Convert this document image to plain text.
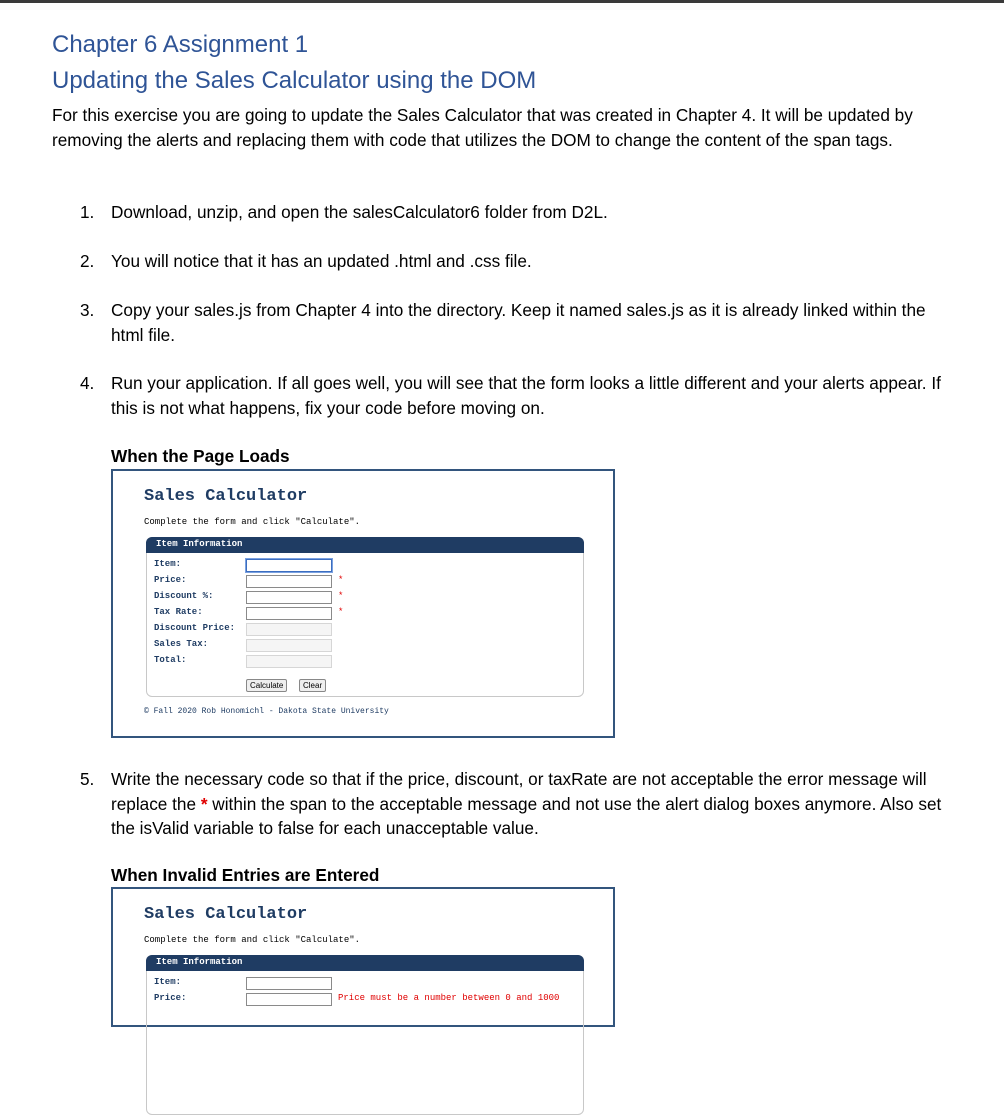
Chapter 6 Assignment 1
Updating the Sales Calculator using the DOM

For this exercise you are going to update the Sales Calculator that was created in Chapter 4. It will be updated by removing the alerts and replacing them with code that utilizes the DOM to change the content of the span tags.

1. Download, unzip, and open the salesCalculator6 folder from D2L.
2. You will notice that it has an updated .html and .css file.
3. Copy your sales.js from Chapter 4 into the directory. Keep it named sales.js as it is already linked within the html file.
4. Run your application. If all goes well, you will see that the form looks a little different and your alerts appear. If this is not what happens, fix your code before moving on.
When the Page Loads
Sales Calculator
Complete the form and click "Calculate".
Item Information
Item:
Price:	*
Discount %:	*
Tax Rate:	*
Discount Price:
Sales Tax:
Total:
Calculate	Clear
© Fall 2020 Rob Honomichl - Dakota State University
5. Write the necessary code so that if the price, discount, or taxRate are not acceptable the error message will replace the * within the span to the acceptable message and not use the alert dialog boxes anymore. Also set the isValid variable to false for each unacceptable value.
When Invalid Entries are Entered
Sales Calculator
Complete the form and click "Calculate".
Item Information
Item:
Price:	Price must be a number between 0 and 1000
